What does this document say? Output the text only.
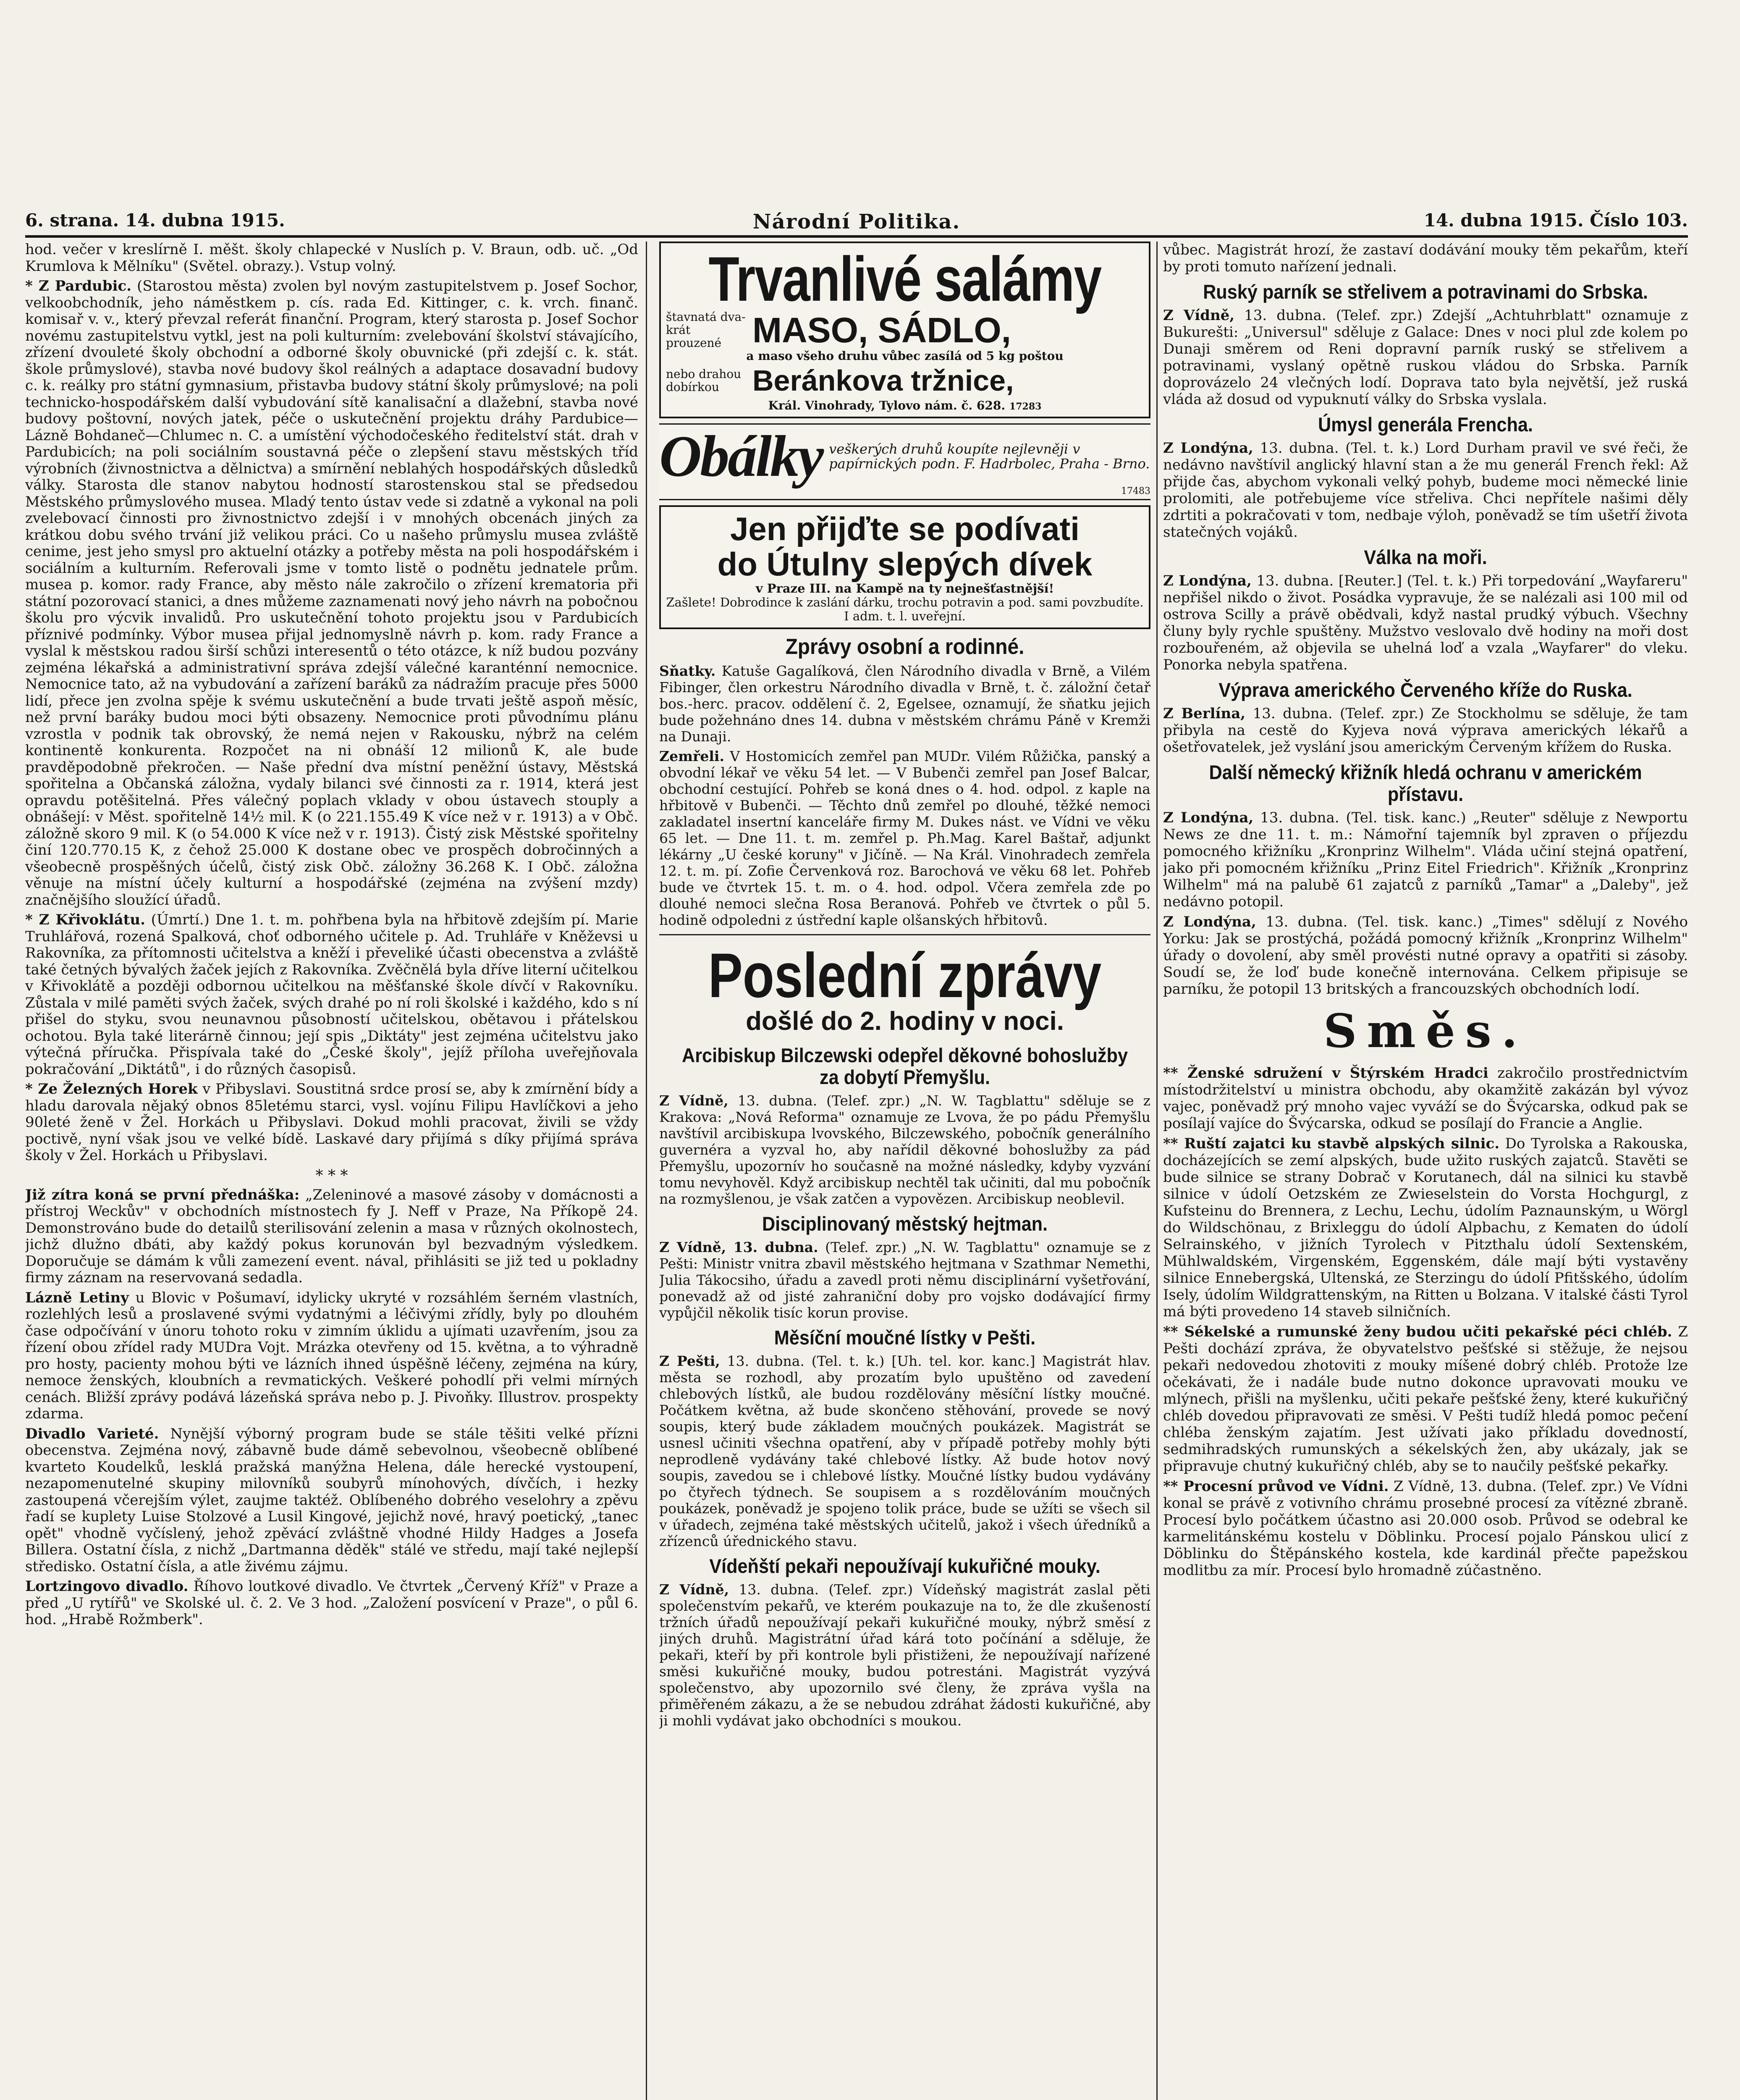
Národní Politika.
6. strana. 14. dubna 1915.	14. dubna 1915. Číslo 103.

hod. večer v kreslírně I. měšt. školy chlapecké v Nuslích p. V. Braun, odb. uč. „Od Krumlova k Mělníku" (Světel. obrazy.). Vstup volný.

* Z Pardubic. (Starostou města) zvolen byl novým zastupitelstvem p. Josef Sochor, velkoobchodník, jeho náměstkem p. cís. rada Ed. Kittinger, c. k. vrch. finanč. komisař v. v., který převzal referát finanční. Program, který starosta p. Josef Sochor novému zastupitelstvu vytkl, jest na poli kulturním: zvelebování školství stávajícího, zřízení dvouleté školy obchodní a odborné školy obuvnické (při zdejší c. k. stát. škole průmyslové), stavba nové budovy škol reálných a adaptace dosavadní budovy c. k. reálky pro státní gymnasium, přistavba budovy státní školy průmyslové; na poli technicko-hospodářském další vybudování sítě kanalisační a dlažební, stavba nové budovy poštovní, nových jatek, péče o uskutečnění projektu dráhy Pardubice—Lázně Bohdaneč—Chlumec n. C. a umístění východočeského ředitelství stát. drah v Pardubicích; na poli sociálním soustavná péče o zlepšení stavu městských tříd výrobních (živnostnictva a dělnictva) a smírnění neblahých hospodářských důsledků války. Starosta dle stanov nabytou hodností starostenskou stal se předsedou Městského průmyslového musea. Mladý tento ústav vede si zdatně a vykonal na poli zvelebovací činnosti pro živnostnictvo zdejší i v mnohých obcenách jiných za krátkou dobu svého trvání již velikou práci. Co u našeho průmyslu musea zvláště cenime, jest jeho smysl pro aktuelní otázky a potřeby města na poli hospodářském i sociálním a kulturním. Referovali jsme v tomto listě o podnětu jednatele prům. musea p. komor. rady France, aby město nále zakročilo o zřízení krematoria při státní pozorovací stanici, a dnes můžeme zaznamenati nový jeho návrh na pobočnou školu pro výcvik invalidů. Pro uskutečnění tohoto projektu jsou v Pardubicích příznivé podmínky. Výbor musea přijal jednomyslně návrh p. kom. rady France a vyslal k městskou radou širší schůzi interesentů o této otázce, k níž budou pozvány zejména lékařská a administrativní správa zdejší válečné karanténní nemocnice. Nemocnice tato, až na vybudování a zařízení baráků za nádražím pracuje přes 5000 lidí, přece jen zvolna spěje k svému uskutečnění a bude trvati ještě aspoň měsíc, než první baráky budou moci býti obsazeny. Nemocnice proti původnímu plánu vzrostla v podnik tak obrovský, že nemá nejen v Rakousku, nýbrž na celém kontinentě konkurenta. Rozpočet na ni obnáší 12 milionů K, ale bude pravděpodobně překročen. — Naše přední dva místní peněžní ústavy, Městská spořitelna a Občanská záložna, vydaly bilanci své činnosti za r. 1914, která jest opravdu potěšitelná. Přes válečný poplach vklady v obou ústavech stouply a obnášejí: v Měst. spořitelně 14½ mil. K (o 221.155.49 K více než v r. 1913) a v Obč. záložně skoro 9 mil. K (o 54.000 K více než v r. 1913). Čistý zisk Městské spořitelny činí 120.770.15 K, z čehož 25.000 K dostane obec ve prospěch dobročinných a všeobecně prospěšných účelů, čistý zisk Obč. záložny 36.268 K. I Obč. záložna věnuje na místní účely kulturní a hospodářské (zejména na zvýšení mzdy) značnějšího sloužící úřadů.

* Z Křivoklátu. (Úmrtí.) Dne 1. t. m. pohřbena byla na hřbitově zdejším pí. Marie Truhlářová, rozená Spalková, choť odborného učitele p. Ad. Truhláře v Kněževsi u Rakovníka, za přítomnosti učitelstva a kněží i převeliké účasti obecenstva a zvláště také četných bývalých žaček jejích z Rakovníka. Zvěčnělá byla dříve literní učitelkou v Křivoklátě a později odbornou učitelkou na měšťanské škole dívčí v Rakovníku. Zůstala v milé paměti svých žaček, svých drahé po ní roli školské i každého, kdo s ní přišel do styku, svou neunavnou působností učitelskou, obětavou i přátelskou ochotou. Byla také literárně činnou; její spis „Diktáty" jest zejména učitelstvu jako výtečná příručka. Přispívala také do „České školy", jejíž příloha uveřejňovala pokračování „Diktátů", i do různých časopisů.

* Ze Železných Horek v Přibyslavi. Soustitná srdce prosí se, aby k zmírnění bídy a hladu darovala nějaký obnos 85letému starci, vysl. vojínu Filipu Havlíčkovi a jeho 90leté ženě v Žel. Horkách u Přibyslavi. Dokud mohli pracovat, živili se vždy poctivě, nyní však jsou ve velké bídě. Laskavé dary přijímá s díky přijímá správa školy v Žel. Horkách u Přibyslavi.

* * *

Již zítra koná se první přednáška: „Zeleninové a masové zásoby v domácnosti a přístroj Weckův" v obchodních místnostech fy J. Neff v Praze, Na Příkopě 24. Demonstrováno bude do detailů sterilisování zelenin a masa v různých okolnostech, jichž dlužno dbáti, aby každý pokus korunován byl bezvadným výsledkem. Doporučuje se dámám k vůli zamezení event. nával, přihlásiti se již ted u pokladny firmy záznam na reservovaná sedadla.

Lázně Letiny u Blovic v Pošumaví, idylicky ukryté v rozsáhlém šerném vlastních, rozlehlých lesů a proslavené svými vydatnými a léčivými zřídly, byly po dlouhém čase odpočívání v únoru tohoto roku v zimním úklidu a ujímati uzavřením, jsou za řízení obou zřídel rady MUDra Vojt. Mrázka otevřeny od 15. května, a to výhradně pro hosty, pacienty mohou býti ve lázních ihned úspěšně léčeny, zejména na kúry, nemoce ženských, kloubních a revmatických. Veškeré pohodlí při velmi mírných cenách. Bližší zprávy podává lázeňská správa nebo p. J. Pivoňky. Illustrov. prospekty zdarma.

Divadlo Varieté. Nynější výborný program bude se stále těšiti velké přízni obecenstva. Zejména nový, zábavně bude dámě sebevolnou, všeobecně oblíbené kvarteto Koudelků, lesklá pražská manýžna Helena, dále herecké vystoupení, nezapomenutelné skupiny milovníků soubyrů mínohových, dívčích, i hezky zastoupená včerejším výlet, zaujme taktéž. Oblíbeného dobrého veselohry a zpěvu řadí se kuplety Luise Stolzové a Lusil Kingové, jejichž nové, hravý poetický, „tanec opět" vhodně vyčíslený, jehož zpěvácí zvláštně vhodné Hildy Hadges a Josefa Billera. Ostatní čísla, z nichž „Dartmanna děděk" stálé ve středu, mají také nejlepší středisko. Ostatní čísla, a atle živému zájmu.

Lortzingovo divadlo. Říhovo loutkové divadlo. Ve čtvrtek „Červený Kříž" v Praze a před „U rytířů" ve Skolské ul. č. 2. Ve 3 hod. „Založení posvícení v Praze", o půl 6. hod. „Hrabě Rožmberk".

Trvanlivé salámy
štavnatá dva-krát prouzené MASO, SÁDLO,
a maso všeho druhu vůbec zasílá od 5 kg poštou
nebo drahou dobírkou	Beránkova tržnice,
Král. Vinohrady, Tylovo nám. č. 628. 17283
Obálky veškerých druhů koupíte nejlevněji v papírnických podn. F. Hadrbolec, Praha - Brno.
17483
Jen přijďte se podívati
do Útulny slepých dívek
v Praze III. na Kampě na ty nejnešťastnější!
Zašlete! Dobrodince k zaslání dárku, trochu potravin a pod. sami povzbudíte. I adm. t. l. uveřejní.
Zprávy osobní a rodinné.

Sňatky. Katuše Gagalíková, člen Národního divadla v Brně, a Vilém Fibinger, člen orkestru Národního divadla v Brně, t. č. záložní četař bos.-herc. pracov. oddělení č. 2, Egelsee, oznamují, že sňatku jejich bude požehnáno dnes 14. dubna v městském chrámu Páně v Kremži na Dunaji.

Zemřeli. V Hostomicích zemřel pan MUDr. Vilém Růžička, panský a obvodní lékař ve věku 54 let. — V Bubenči zemřel pan Josef Balcar, obchodní cestující. Pohřeb se koná dnes o 4. hod. odpol. z kaple na hřbitově v Bubenči. — Těchto dnů zemřel po dlouhé, těžké nemoci zakladatel insertní kanceláře firmy M. Dukes nást. ve Vídni ve věku 65 let. — Dne 11. t. m. zemřel p. Ph.Mag. Karel Baštař, adjunkt lékárny „U české koruny" v Jičíně. — Na Král. Vinohradech zemřela 12. t. m. pí. Zofie Červenková roz. Barochová ve věku 68 let. Pohřeb bude ve čtvrtek 15. t. m. o 4. hod. odpol. Včera zemřela zde po dlouhé nemoci slečna Rosa Beranová. Pohřeb ve čtvrtek o půl 5. hodině odpoledni z ústřední kaple olšanských hřbitovů.

Poslední zprávy
došlé do 2. hodiny v noci.
Arcibiskup Bilczewski odepřel děkovné bohoslužby za dobytí Přemyšlu.

Z Vídně, 13. dubna. (Telef. zpr.) „N. W. Tagblattu" sděluje se z Krakova: „Nová Reforma" oznamuje ze Lvova, že po pádu Přemyšlu navštívil arcibiskupa lvovského, Bilczewského, pobočník generálního guvernéra a vyzval ho, aby nařídil děkovné bohoslužby za pád Přemyšlu, upozornív ho současně na možné následky, kdyby vyzvání tomu nevyhověl. Když arcibiskup nechtěl tak učiniti, dal mu pobočník na rozmyšlenou, je však zatčen a vypovězen. Arcibiskup neoblevil.

Disciplinovaný městský hejtman.

Z Vídně, 13. dubna. (Telef. zpr.) „N. W. Tagblattu" oznamuje se z Pešti: Ministr vnitra zbavil městského hejtmana v Szathmar Nemethi, Julia Tákocsiho, úřadu a zavedl proti němu disciplinární vyšetřování, ponevadž až od jisté zahraniční doby pro vojsko dodávající firmy vypůjčil několik tisíc korun provise.

Měsíční moučné lístky v Pešti.

Z Pešti, 13. dubna. (Tel. t. k.) [Uh. tel. kor. kanc.] Magistrát hlav. města se rozhodl, aby prozatím bylo upuštěno od zavedení chlebových lístků, ale budou rozdělovány měsíční lístky moučné. Počátkem května, až bude skončeno stěhování, provede se nový soupis, který bude základem moučných poukázek. Magistrát se usnesl učiniti všechna opatření, aby v případě potřeby mohly býti neprodleně vydávány také chlebové lístky. Až bude hotov nový soupis, zavedou se i chlebové lístky. Moučné lístky budou vydávány po čtyřech týdnech. Se soupisem a s rozdělováním moučných poukázek, poněvadž je spojeno tolik práce, bude se užíti se všech sil v úřadech, zejména také městských učitelů, jakož i všech úředníků a zřízenců úřednického stavu.

Vídeňští pekaři nepoužívají kukuřičné mouky.

Z Vídně, 13. dubna. (Telef. zpr.) Vídeňský magistrát zaslal pěti společenstvím pekařů, ve kterém poukazuje na to, že dle zkušeností tržních úřadů nepoužívají pekaři kukuřičné mouky, nýbrž směsí z jiných druhů. Magistrátní úřad kárá toto počínání a sděluje, že pekaři, kteří by při kontrole byli přistiženi, že nepoužívají nařízené směsi kukuřičné mouky, budou potrestáni. Magistrát vyzývá společenstvo, aby upozornilo své členy, že zpráva vyšla na přiměřeném zákazu, a že se nebudou zdráhat žádosti kukuřičné, aby ji mohli vydávat jako obchodníci s moukou.

vůbec. Magistrát hrozí, že zastaví dodávání mouky těm pekařům, kteří by proti tomuto nařízení jednali.

Ruský parník se střelivem a potravinami do Srbska.

Z Vídně, 13. dubna. (Telef. zpr.) Zdejší „Achtuhrblatt" oznamuje z Bukurešti: „Universul" sděluje z Galace: Dnes v noci plul zde kolem po Dunaji směrem od Reni dopravní parník ruský se střelivem a potravinami, vyslaný opětně ruskou vládou do Srbska. Parník doprovázelo 24 vlečných lodí. Doprava tato byla největší, jež ruská vláda až dosud od vypuknutí války do Srbska vyslala.

Úmysl generála Frencha.

Z Londýna, 13. dubna. (Tel. t. k.) Lord Durham pravil ve své řeči, že nedávno navštívil anglický hlavní stan a že mu generál French řekl: Až přijde čas, abychom vykonali velký pohyb, budeme moci německé linie prolomiti, ale potřebujeme více střeliva. Chci nepřítele našimi děly zdrtiti a pokračovati v tom, nedbaje výloh, poněvadž se tím ušetří života statečných vojáků.

Válka na moři.

Z Londýna, 13. dubna. [Reuter.] (Tel. t. k.) Při torpedování „Wayfareru" nepřišel nikdo o život. Posádka vypravuje, že se nalézali asi 100 mil od ostrova Scilly a právě obědvali, když nastal prudký výbuch. Všechny čluny byly rychle spuštěny. Mužstvo veslovalo dvě hodiny na moři dost rozbouřeném, až objevila se uhelná loď a vzala „Wayfarer" do vleku. Ponorka nebyla spatřena.

Výprava amerického Červeného kříže do Ruska.

Z Berlína, 13. dubna. (Telef. zpr.) Ze Stockholmu se sděluje, že tam přibyla na cestě do Kyjeva nová výprava amerických lékařů a ošetřovatelek, jež vyslání jsou americkým Červeným křížem do Ruska.

Další německý křižník hledá ochranu v americkém přístavu.

Z Londýna, 13. dubna. (Tel. tisk. kanc.) „Reuter" sděluje z Newportu News ze dne 11. t. m.: Námořní tajemník byl zpraven o příjezdu pomocného křižníku „Kronprinz Wilhelm". Vláda učiní stejná opatření, jako při pomocném křižníku „Prinz Eitel Friedrich". Křižník „Kronprinz Wilhelm" má na palubě 61 zajatců z parníků „Tamar" a „Daleby", jež nedávno potopil.

Z Londýna, 13. dubna. (Tel. tisk. kanc.) „Times" sdělují z Nového Yorku: Jak se prostýchá, požádá pomocný křižník „Kronprinz Wilhelm" úřady o dovolení, aby směl provésti nutné opravy a opatřiti si zásoby. Soudí se, že loď bude konečně internována. Celkem připisuje se parníku, že potopil 13 britských a francouzských obchodních lodí.

Směs.

** Ženské sdružení v Štýrském Hradci zakročilo prostřednictvím místodržitelství u ministra obchodu, aby okamžitě zakázán byl vývoz vajec, poněvadž prý mnoho vajec vyváží se do Švýcarska, odkud pak se posílají vajíce do Švýcarska, odkud se posílají do Francie a Anglie.

** Ruští zajatci ku stavbě alpských silnic. Do Tyrolska a Rakouska, docházejících se zemí alpských, bude užito ruských zajatců. Stavěti se bude silnice se strany Dobrač v Korutanech, dál na silnici ku stavbě silnice v údolí Oetzském ze Zwieselstein do Vorsta Hochgurgl, z Kufsteinu do Brennera, z Lechu, Lechu, údolím Paznaunským, u Wörgl do Wildschönau, z Brixleggu do údolí Alpbachu, z Kematen do údolí Selrainského, v jižních Tyrolech v Pitzthalu údolí Sextenském, Mühlwaldském, Virgenském, Eggenském, dále mají býti vystavěny silnice Ennebergská, Ultenská, ze Sterzingu do údolí Pfitšského, údolím Isely, údolím Wildgrattenským, na Ritten u Bolzana. V italské části Tyrol má býti provedeno 14 staveb silničních.

** Sékelské a rumunské ženy budou učiti pekařské péci chléb. Z Pešti dochází zpráva, že obyvatelstvo pešťské si stěžuje, že nejsou pekaři nedovedou zhotoviti z mouky míšené dobrý chléb. Protože lze očekávati, že i nadále bude nutno dokonce upravovati mouku ve mlýnech, přišli na myšlenku, učiti pekaře pešťské ženy, které kukuřičný chléb dovedou připravovati ze směsi. V Pešti tudíž hledá pomoc pečení chléba ženským zajatím. Jest užívati jako příkladu dovedností, sedmihradských rumunských a sékelských žen, aby ukázaly, jak se připravuje chutný kukuřičný chléb, aby se to naučily pešťské pekařky.

** Procesní průvod ve Vídni. Z Vídně, 13. dubna. (Telef. zpr.) Ve Vídni konal se právě z votivního chrámu prosebné procesí za vítězné zbraně. Procesí bylo počátkem účastno asi 20.000 osob. Průvod se odebral ke karmelitánskému kostelu v Döblinku. Procesí pojalo Pánskou ulicí z Döblinku do Štěpánského kostela, kde kardinál přečte papežskou modlitbu za mír. Procesí bylo hromadně zúčastněno.
